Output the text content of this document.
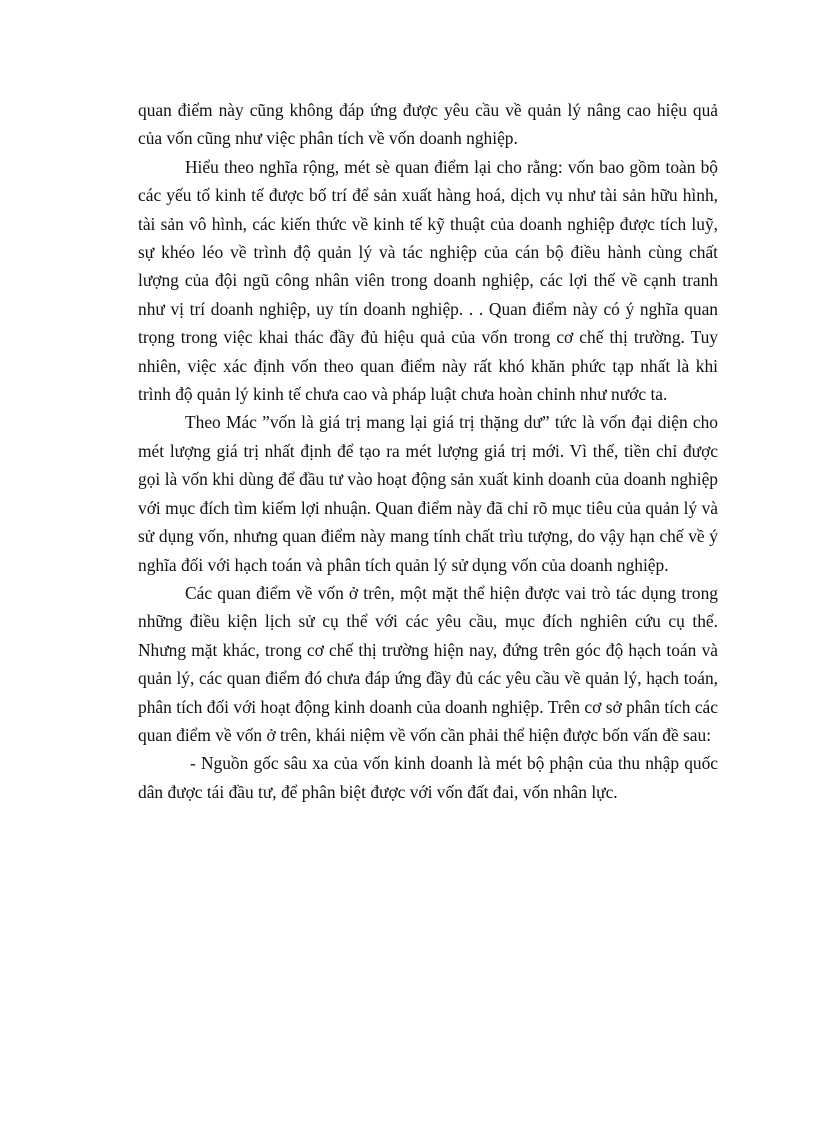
quan điểm này cũng không đáp ứng được yêu cầu về quản lý nâng cao hiệu quả của vốn cũng như việc phân tích về vốn doanh nghiệp.

Hiểu theo nghĩa rộng, mét sè quan điểm lại cho rằng: vốn bao gồm toàn bộ các yếu tố kinh tế được bố trí để sản xuất hàng hoá, dịch vụ như tài sản hữu hình, tài sản vô hình, các kiến thức về kinh tế kỹ thuật của doanh nghiệp được tích luỹ, sự khéo léo về trình độ quản lý và tác nghiệp của cán bộ điều hành cùng chất lượng của đội ngũ công nhân viên trong doanh nghiệp, các lợi thế về cạnh tranh như vị trí doanh nghiệp, uy tín doanh nghiệp. . . Quan điểm này có ý nghĩa quan trọng trong việc khai thác đầy đủ hiệu quả của vốn trong cơ chế thị trường. Tuy nhiên, việc xác định vốn theo quan điểm này rất khó khăn phức tạp nhất là khi trình độ quản lý kinh tế chưa cao và pháp luật chưa hoàn chỉnh như nước ta.

Theo Mác ”vốn là giá trị mang lại giá trị thặng dư” tức là vốn đại diện cho mét lượng giá trị nhất định để tạo ra mét lượng giá trị mới. Vì thế, tiền chỉ được gọi là vốn khi dùng để đầu tư vào hoạt động sản xuất kinh doanh của doanh nghiệp với mục đích tìm kiếm lợi nhuận. Quan điểm này đã chỉ rõ mục tiêu của quản lý và sử dụng vốn, nhưng quan điểm này mang tính chất trìu tượng, do vậy hạn chế về ý nghĩa đối với hạch toán và phân tích quản lý sử dụng vốn của doanh nghiệp.

Các quan điểm về vốn ở trên, một mặt thể hiện được vai trò tác dụng trong những điều kiện lịch sử cụ thể với các yêu cầu, mục đích nghiên cứu cụ thể. Nhưng mặt khác, trong cơ chế thị trường hiện nay, đứng trên góc độ hạch toán và quản lý, các quan điểm đó chưa đáp ứng đầy đủ các yêu cầu về quản lý, hạch toán, phân tích đối với hoạt động kinh doanh của doanh nghiệp. Trên cơ sở phân tích các quan điểm về vốn ở trên, khái niệm về vốn cần phải thể hiện được bốn vấn đề sau:

- Nguồn gốc sâu xa của vốn kinh doanh là mét bộ phận của thu nhập quốc dân được tái đầu tư, để phân biệt được với vốn đất đai, vốn nhân lực.
